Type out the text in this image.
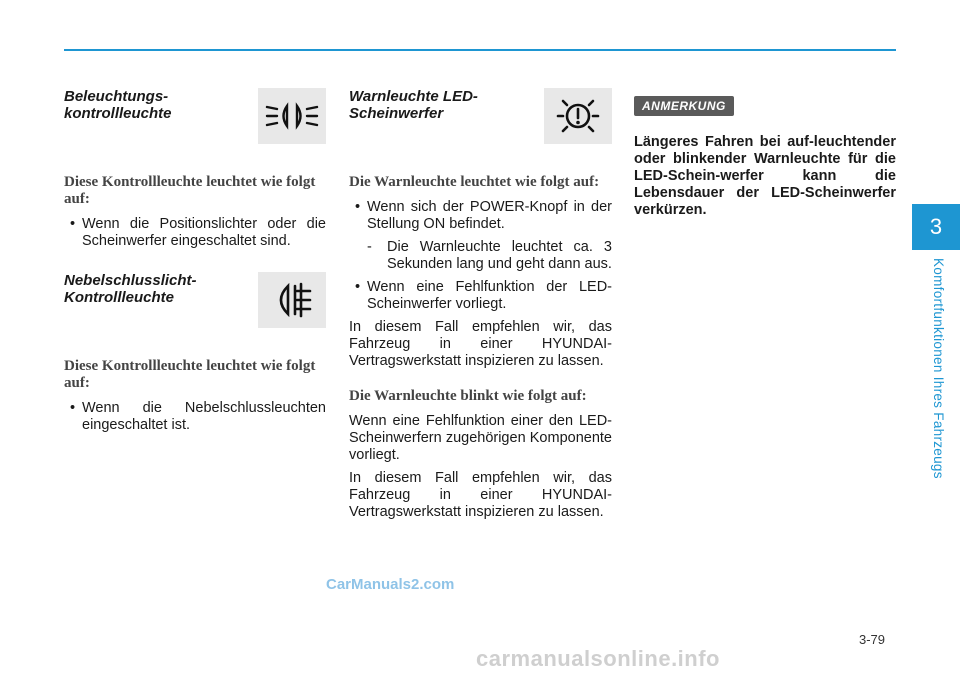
Beleuchtungs-
kontrollleuchte

Diese Kontrollleuchte leuchtet wie folgt auf:

• Wenn die Positionslichter oder die Scheinwerfer eingeschaltet sind.

Nebelschlusslicht-
Kontrollleuchte

Diese Kontrollleuchte leuchtet wie folgt auf:

• Wenn die Nebelschlussleuchten eingeschaltet ist.

Warnleuchte LED-
Scheinwerfer

Die Warnleuchte leuchtet wie folgt auf:

• Wenn sich der POWER-Knopf in der Stellung ON befindet.

- Die Warnleuchte leuchtet ca. 3 Sekunden lang und geht dann aus.

• Wenn eine Fehlfunktion der LED-Scheinwerfer vorliegt.

In diesem Fall empfehlen wir, das Fahrzeug in einer HYUNDAI-Vertragswerkstatt inspizieren zu lassen.

Die Warnleuchte blinkt wie folgt auf:

Wenn eine Fehlfunktion einer den LED-Scheinwerfern zugehörigen Komponente vorliegt.

In diesem Fall empfehlen wir, das Fahrzeug in einer HYUNDAI-Vertragswerkstatt inspizieren zu lassen.

ANMERKUNG

Längeres Fahren bei auf-leuchtender oder blinkender Warnleuchte für die LED-Schein-werfer kann die Lebensdauer der LED-Scheinwerfer verkürzen.

3
Komfortfunktionen Ihres Fahrzeugs
3-79
CarManuals2.com
carmanualsonline.info
